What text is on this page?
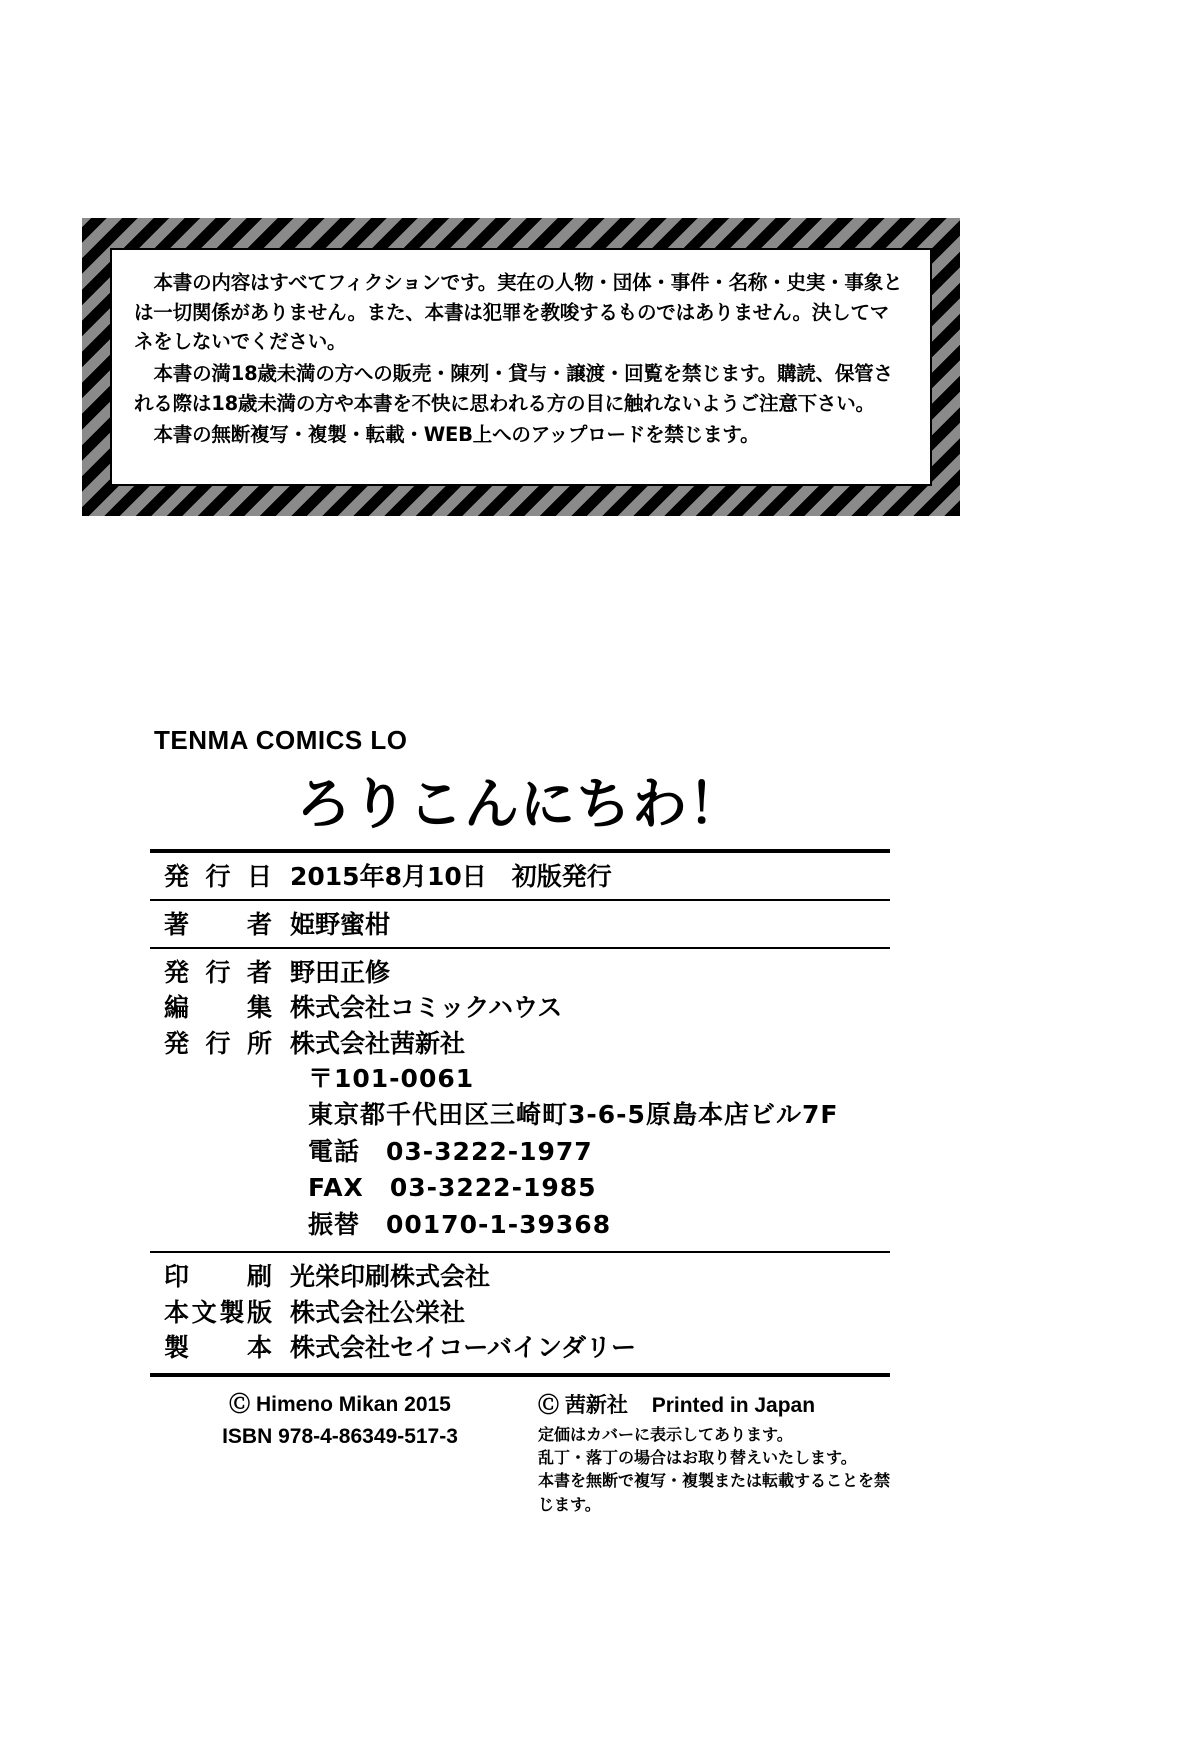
本書の内容はすべてフィクションです。実在の人物・団体・事件・名称・史実・事象とは一切関係がありません。また、本書は犯罪を教唆するものではありません。決してマネをしないでください。

本書の満18歳未満の方への販売・陳列・貸与・譲渡・回覧を禁じます。購読、保管される際は18歳未満の方や本書を不快に思われる方の目に触れないようご注意下さい。

本書の無断複写・複製・転載・WEB上へのアップロードを禁じます。

TENMA COMICS LO
ろりこんにちわ！
発行日 2015年8月10日　初版発行
著者 姫野蜜柑
発行者 野田正修
編集 株式会社コミックハウス
発行所 株式会社茜新社
〒101-0061
東京都千代田区三崎町3-6-5原島本店ビル7F
電話　03-3222-1977
FAX　03-3222-1985
振替　00170-1-39368
印刷 光栄印刷株式会社
本文製版 株式会社公栄社
製本 株式会社セイコーバインダリー
Ⓒ Himeno Mikan 2015
ISBN 978-4-86349-517-3
Ⓒ 茜新社 Printed in Japan
定価はカバーに表示してあります。
乱丁・落丁の場合はお取り替えいたします。
本書を無断で複写・複製または転載することを禁じます。
